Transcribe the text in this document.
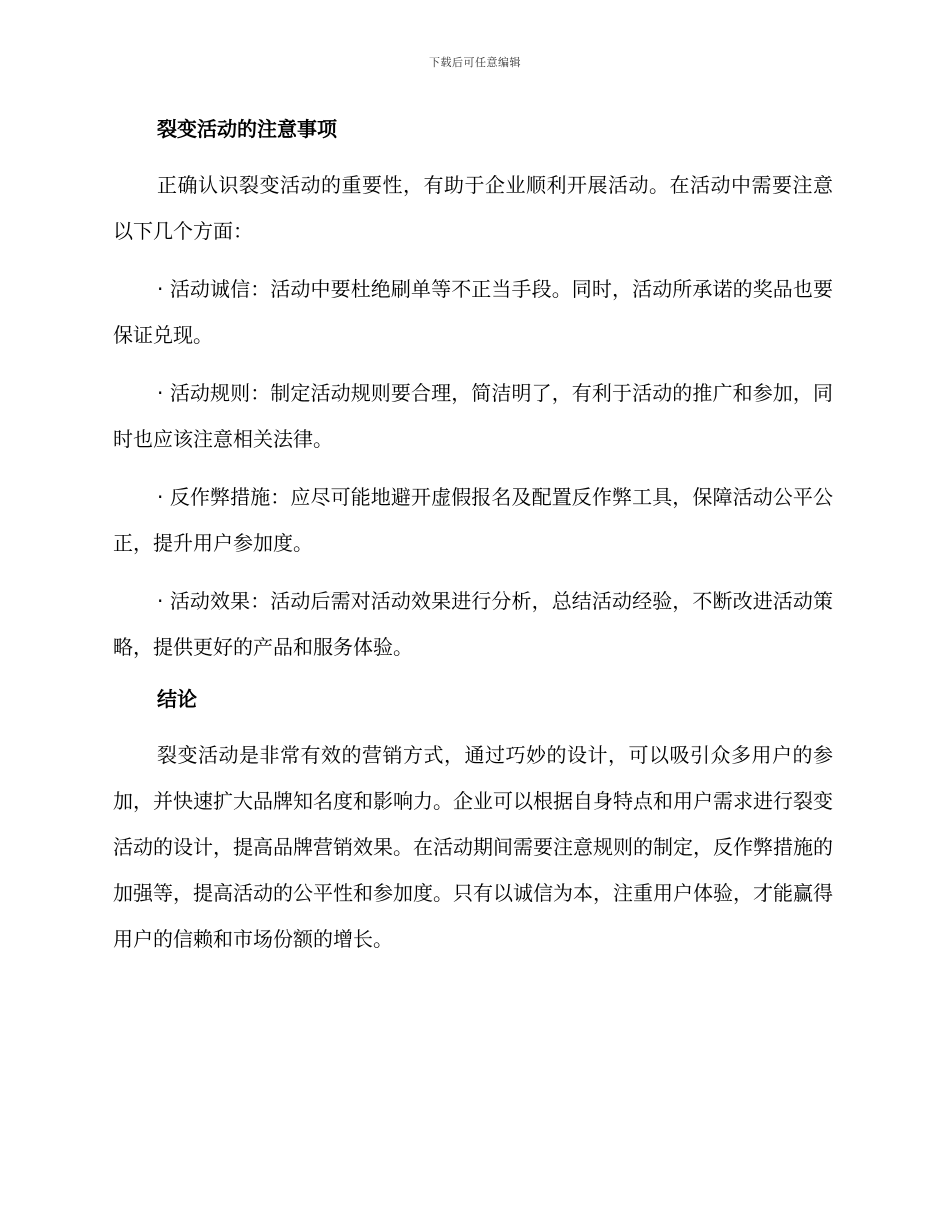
下载后可任意编辑
裂变活动的注意事项

正确认识裂变活动的重要性，有助于企业顺利开展活动。在活动中需要注意以下几个方面：

· 活动诚信：活动中要杜绝刷单等不正当手段。同时，活动所承诺的奖品也要保证兑现。

· 活动规则：制定活动规则要合理，简洁明了，有利于活动的推广和参加，同时也应该注意相关法律。

· 反作弊措施：应尽可能地避开虚假报名及配置反作弊工具，保障活动公平公正，提升用户参加度。

· 活动效果：活动后需对活动效果进行分析，总结活动经验，不断改进活动策略，提供更好的产品和服务体验。

结论

裂变活动是非常有效的营销方式，通过巧妙的设计，可以吸引众多用户的参加，并快速扩大品牌知名度和影响力。企业可以根据自身特点和用户需求进行裂变活动的设计，提高品牌营销效果。在活动期间需要注意规则的制定，反作弊措施的加强等，提高活动的公平性和参加度。只有以诚信为本，注重用户体验，才能赢得用户的信赖和市场份额的增长。
